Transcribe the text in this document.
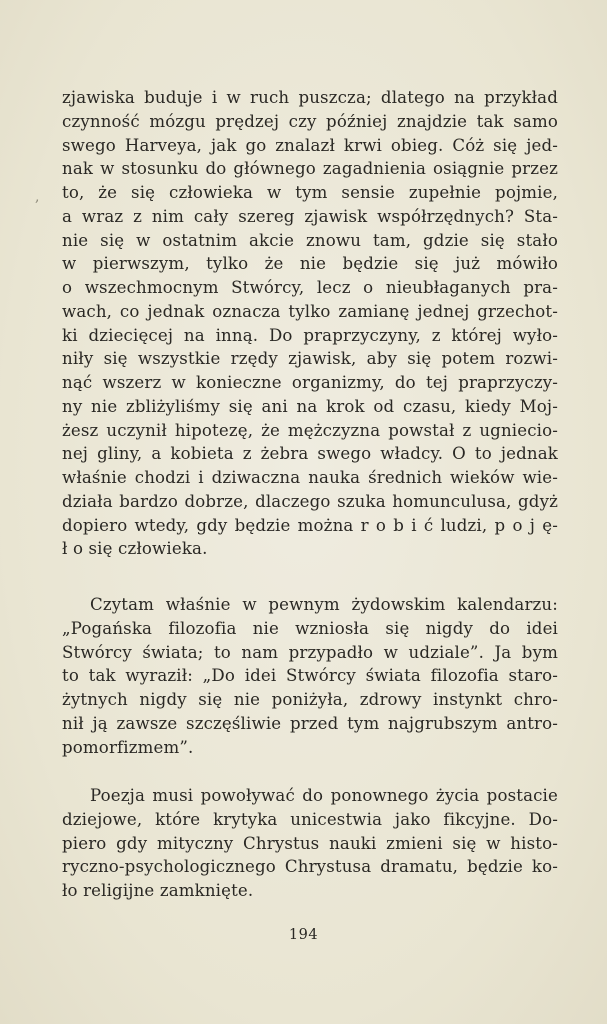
,
zjawiska buduje i w ruch puszcza; dlatego na przykład
czynność mózgu prędzej czy później znajdzie tak samo
swego Harveya, jak go znalazł krwi obieg. Cóż się jed-
nak w stosunku do głównego zagadnienia osiągnie przez
to, że się człowieka w tym sensie zupełnie pojmie,
a wraz z nim cały szereg zjawisk współrzędnych? Sta-
nie się w ostatnim akcie znowu tam, gdzie się stało
w pierwszym, tylko że nie będzie się już mówiło
o wszechmocnym Stwórcy, lecz o nieubłaganych pra-
wach, co jednak oznacza tylko zamianę jednej grzechot-
ki dziecięcej na inną. Do praprzyczyny, z której wyło-
niły się wszystkie rzędy zjawisk, aby się potem rozwi-
nąć wszerz w konieczne organizmy, do tej praprzyczy-
ny nie zbliżyliśmy się ani na krok od czasu, kiedy Moj-
żesz uczynił hipotezę, że mężczyzna powstał z ugniecio-
nej gliny, a kobieta z żebra swego władcy. O to jednak
właśnie chodzi i dziwaczna nauka średnich wieków wie-
działa bardzo dobrze, dlaczego szuka homunculusa, gdyż
dopiero wtedy, gdy będzie można r o b i ć ludzi, p o j ę-
ł o się człowieka.
Czytam właśnie w pewnym żydowskim kalendarzu:
„Pogańska filozofia nie wzniosła się nigdy do idei
Stwórcy świata; to nam przypadło w udziale”. Ja bym
to tak wyraził: „Do idei Stwórcy świata filozofia staro-
żytnych nigdy się nie poniżyła, zdrowy instynkt chro-
nił ją zawsze szczęśliwie przed tym najgrubszym antro-
pomorfizmem”.
Poezja musi powoływać do ponownego życia postacie
dziejowe, które krytyka unicestwia jako fikcyjne. Do-
piero gdy mityczny Chrystus nauki zmieni się w histo-
ryczno-psychologicznego Chrystusa dramatu, będzie ko-
ło religijne zamknięte.
194
